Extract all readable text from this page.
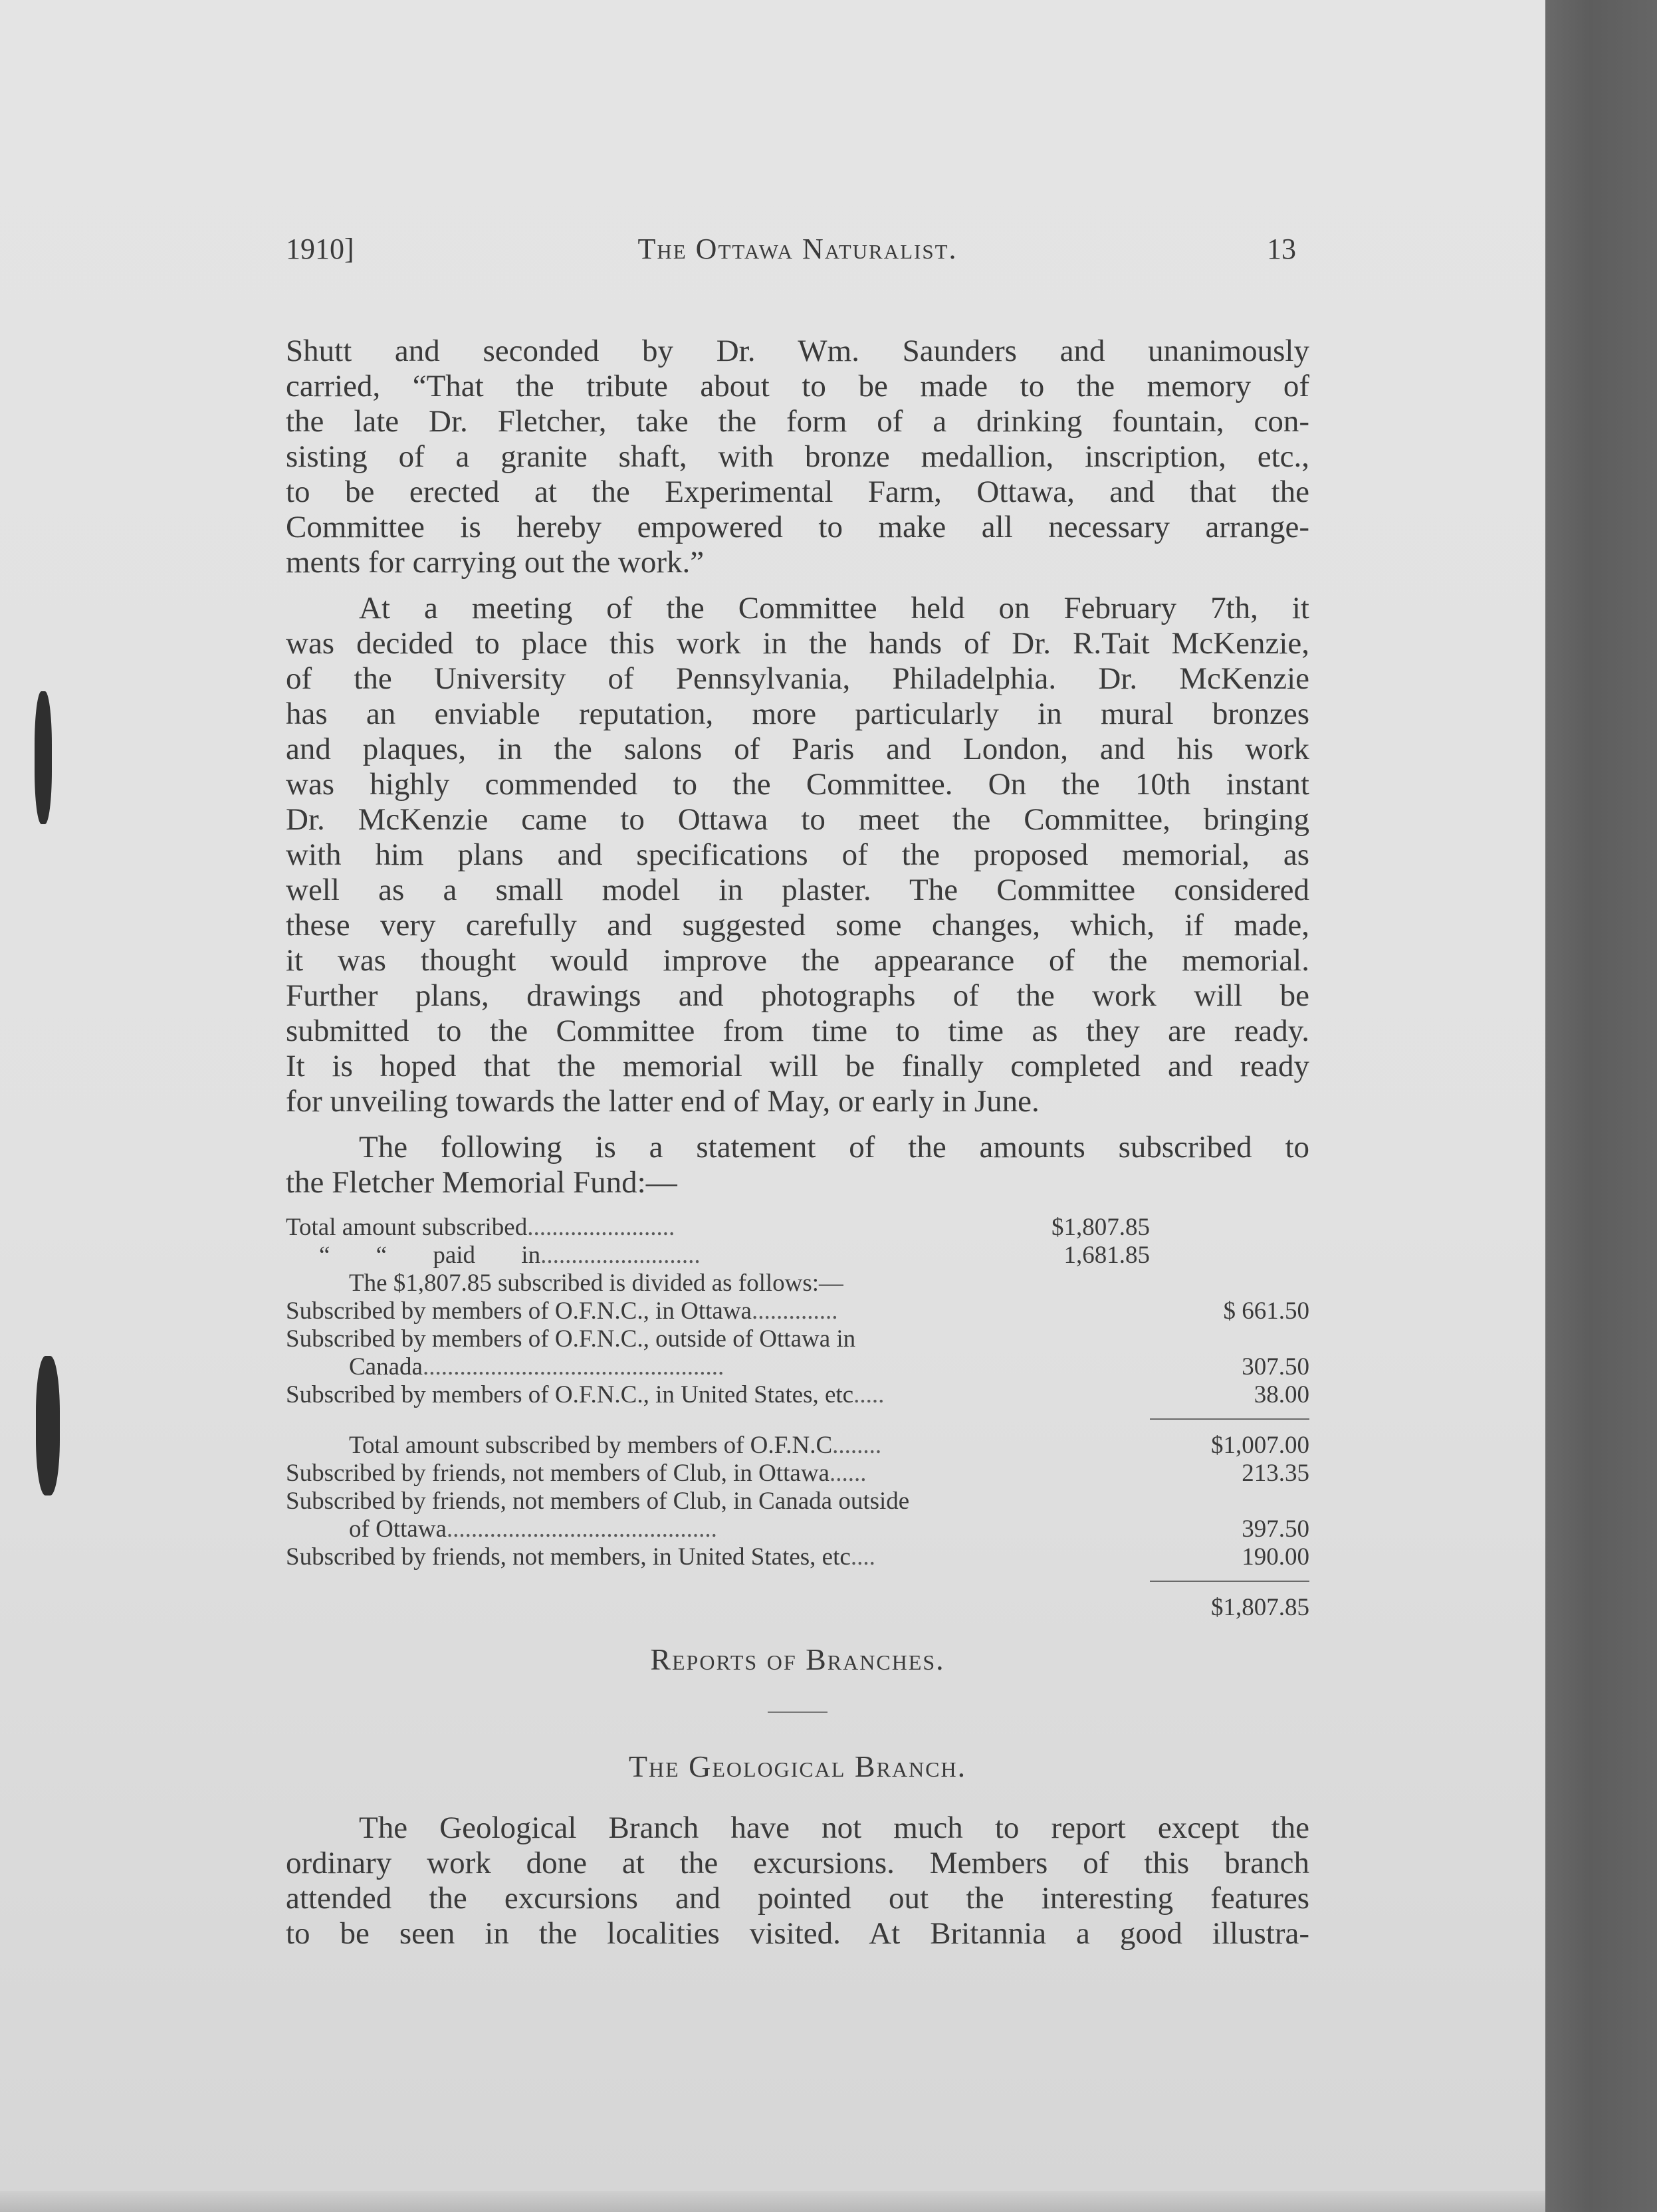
1910]	The Ottawa Naturalist.	13

Shutt and seconded by Dr. Wm. Saunders and unanimously

carried, “That the tribute about to be made to the memory of

the late Dr. Fletcher, take the form of a drinking fountain, con-

sisting of a granite shaft, with bronze medallion, inscription, etc.,

to be erected at the Experimental Farm, Ottawa, and that the

Committee is hereby empowered to make all necessary arrange-

ments for carrying out the work.”

At a meeting of the Committee held on February 7th, it

was decided to place this work in the hands of Dr. R.Tait McKenzie,

of the University of Pennsylvania, Philadelphia. Dr. McKenzie

has an enviable reputation, more particularly in mural bronzes

and plaques, in the salons of Paris and London, and his work

was highly commended to the Committee. On the 10th instant

Dr. McKenzie came to Ottawa to meet the Committee, bringing

with him plans and specifications of the proposed memorial, as

well as a small model in plaster. The Committee considered

these very carefully and suggested some changes, which, if made,

it was thought would improve the appearance of the memorial.

Further plans, drawings and photographs of the work will be

submitted to the Committee from time to time as they are ready.

It is hoped that the memorial will be finally completed and ready

for unveiling towards the latter end of May, or early in June.

The following is a statement of the amounts subscribed to

the Fletcher Memorial Fund:—

Total amount subscribed........................	$1,807.85
“ “ paid in..........................	1,681.85
The $1,807.85 subscribed is divided as follows:—
Subscribed by members of O.F.N.C., in Ottawa..............	$ 661.50
Subscribed by members of O.F.N.C., outside of Ottawa in
Canada.................................................	307.50
Subscribed by members of O.F.N.C., in United States, etc.....	38.00
Total amount subscribed by members of O.F.N.C........	$1,007.00
Subscribed by friends, not members of Club, in Ottawa......	213.35
Subscribed by friends, not members of Club, in Canada outside
of Ottawa............................................	397.50
Subscribed by friends, not members, in United States, etc....	190.00
$1,807.85
Reports of Branches.
The Geological Branch.

The Geological Branch have not much to report except the

ordinary work done at the excursions. Members of this branch

attended the excursions and pointed out the interesting features

to be seen in the localities visited. At Britannia a good illustra-
